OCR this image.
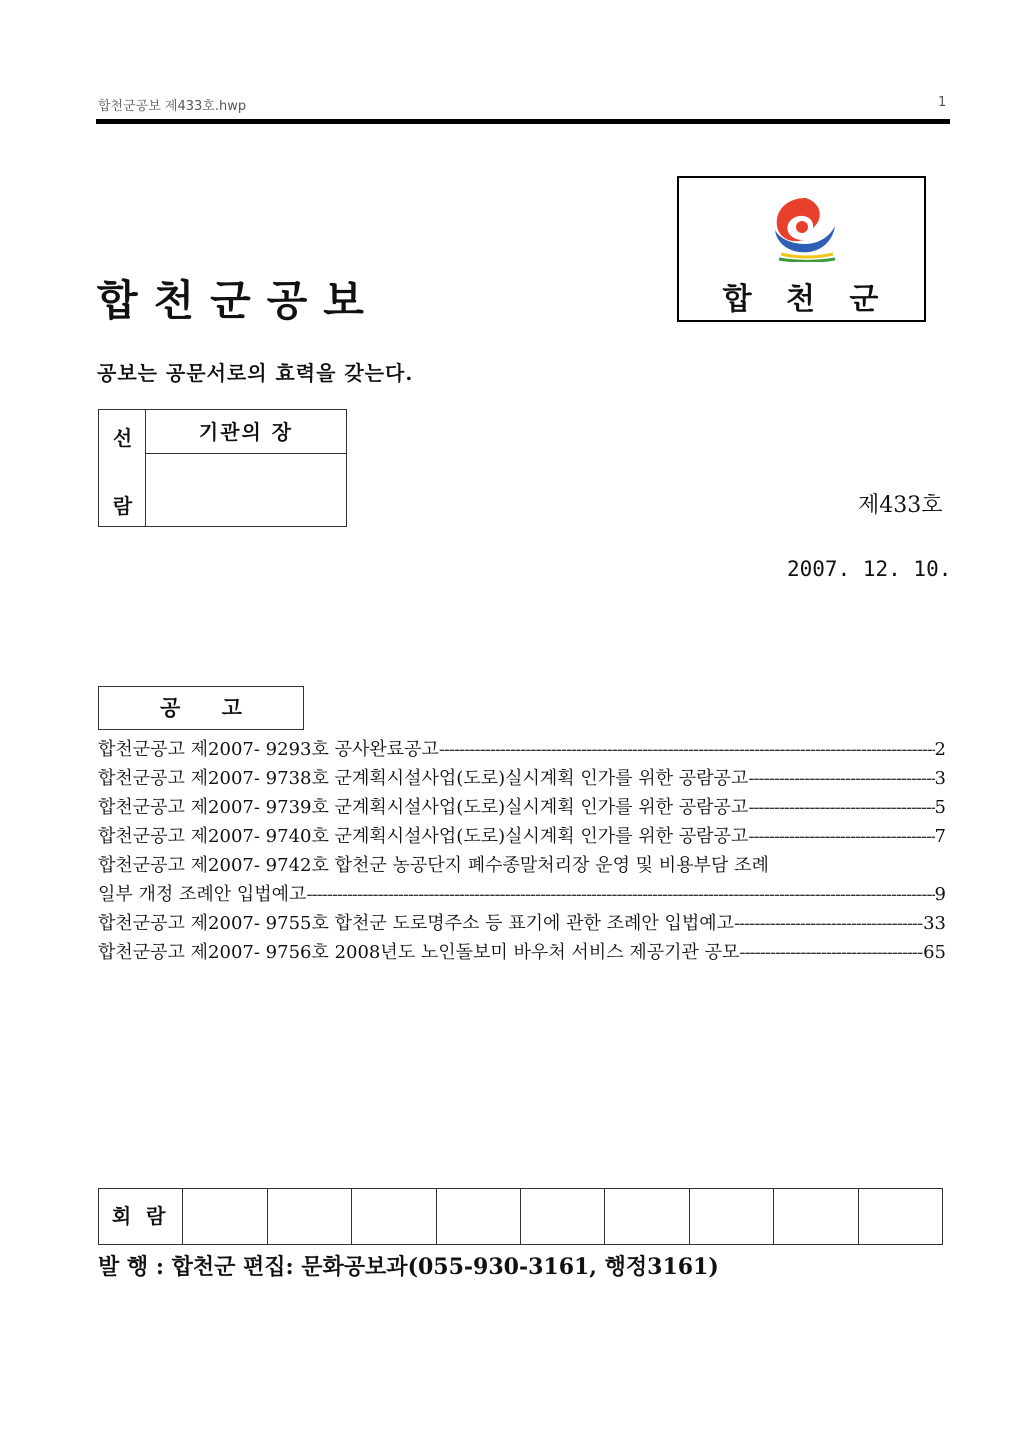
합천군공보 제433호.hwp	1
합천군공보
공보는 공문서로의 효력을 갖는다.
합 천 군
선
람
기관의 장
제433호
2007. 12. 10.
공 고
합천군공고 제2007- 9293호 공사완료공고 -----	2
합천군공고 제2007- 9738호 군계획시설사업(도로)실시계획 인가를 위한 공람공고 -----	3
합천군공고 제2007- 9739호 군계획시설사업(도로)실시계획 인가를 위한 공람공고 -----	5
합천군공고 제2007- 9740호 군계획시설사업(도로)실시계획 인가를 위한 공람공고 -----	7
합천군공고 제2007- 9742호 합천군 농공단지 폐수종말처리장 운영 및 비용부담 조례
일부 개정 조례안 입법예고 -----	9
합천군공고 제2007- 9755호 합천군 도로명주소 등 표기에 관한 조례안 입법예고 -----	33
합천군공고 제2007- 9756호 2008년도 노인돌보미 바우처 서비스 제공기관 공모 -----	65
회 람
발 행 : 합천군 편집: 문화공보과(055-930-3161, 행정3161)
